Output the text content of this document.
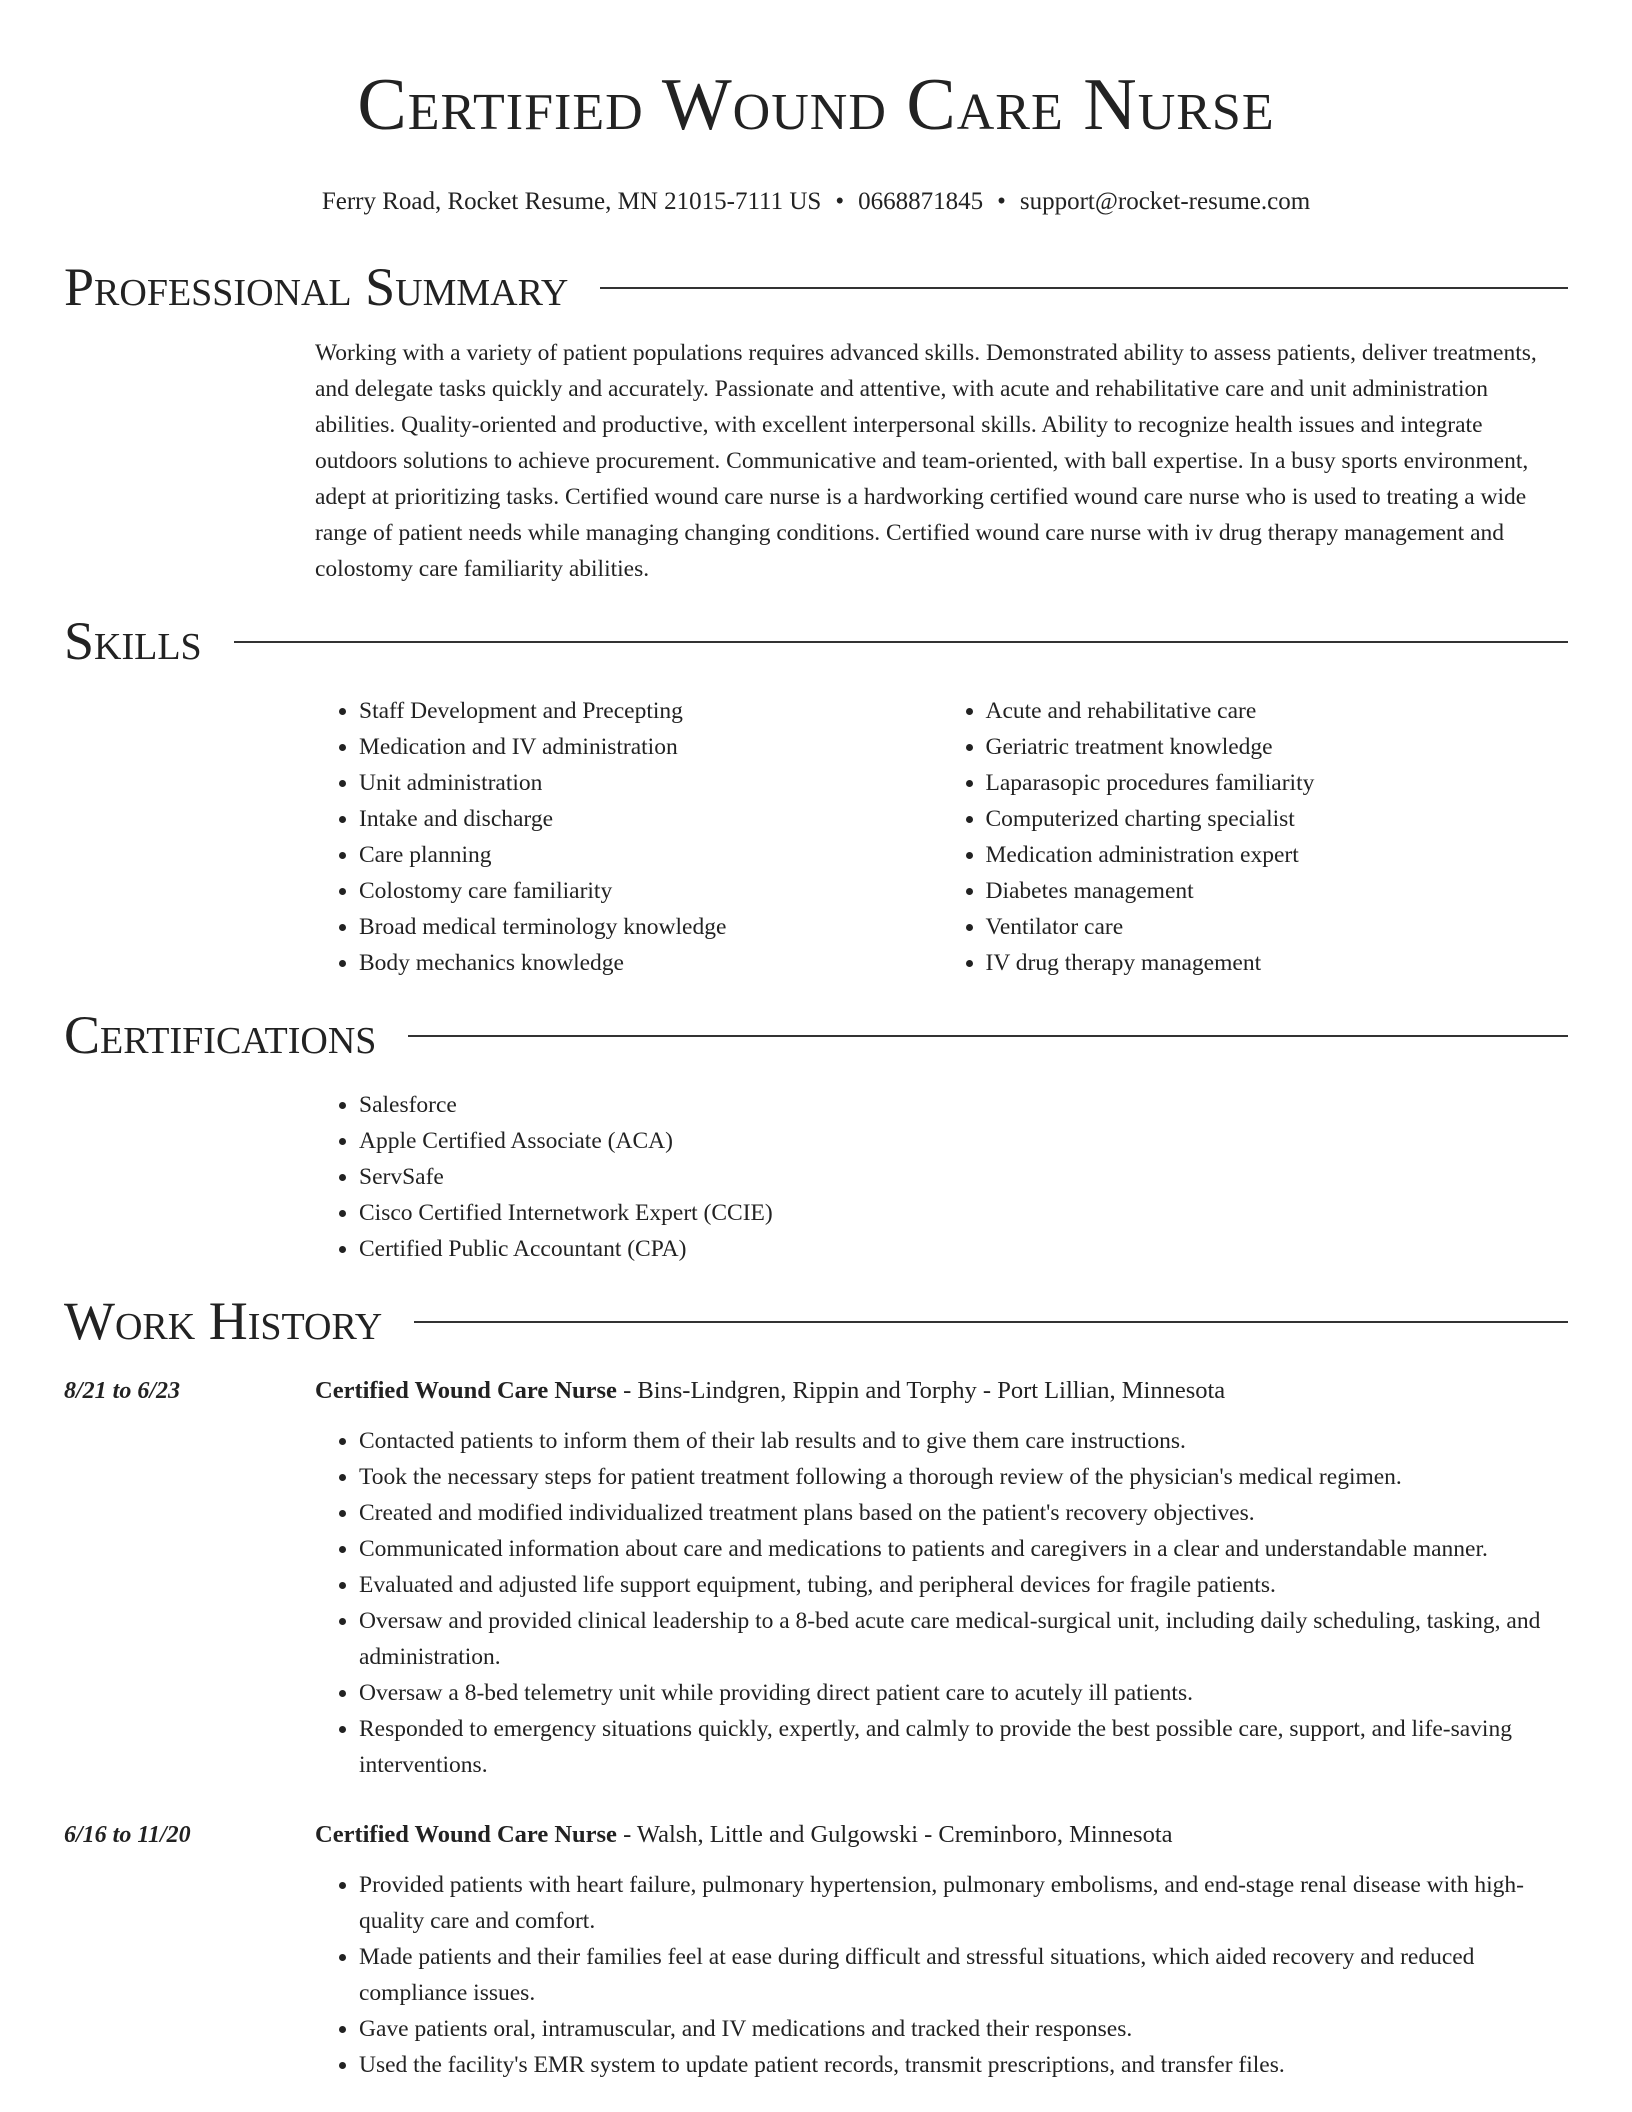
Certified Wound Care Nurse
Ferry Road, Rocket Resume, MN 21015-7111 US • 0668871845 • support@rocket-resume.com
Professional Summary

Working with a variety of patient populations requires advanced skills. Demonstrated ability to assess patients, deliver treatments, and delegate tasks quickly and accurately. Passionate and attentive, with acute and rehabilitative care and unit administration abilities. Quality-oriented and productive, with excellent interpersonal skills. Ability to recognize health issues and integrate outdoors solutions to achieve procurement. Communicative and team-oriented, with ball expertise. In a busy sports environment, adept at prioritizing tasks. Certified wound care nurse is a hardworking certified wound care nurse who is used to treating a wide range of patient needs while managing changing conditions. Certified wound care nurse with iv drug therapy management and colostomy care familiarity abilities.

Skills
• Staff Development and Precepting
• Medication and IV administration
• Unit administration
• Intake and discharge
• Care planning
• Colostomy care familiarity
• Broad medical terminology knowledge
• Body mechanics knowledge
• Acute and rehabilitative care
• Geriatric treatment knowledge
• Laparasopic procedures familiarity
• Computerized charting specialist
• Medication administration expert
• Diabetes management
• Ventilator care
• IV drug therapy management
Certifications
• Salesforce
• Apple Certified Associate (ACA)
• ServSafe
• Cisco Certified Internetwork Expert (CCIE)
• Certified Public Accountant (CPA)
Work History
8/21 to 6/23	Certified Wound Care Nurse - Bins-Lindgren, Rippin and Torphy - Port Lillian, Minnesota
• Contacted patients to inform them of their lab results and to give them care instructions.
• Took the necessary steps for patient treatment following a thorough review of the physician's medical regimen.
• Created and modified individualized treatment plans based on the patient's recovery objectives.
• Communicated information about care and medications to patients and caregivers in a clear and understandable manner.
• Evaluated and adjusted life support equipment, tubing, and peripheral devices for fragile patients.
• Oversaw and provided clinical leadership to a 8-bed acute care medical-surgical unit, including daily scheduling, tasking, and administration.
• Oversaw a 8-bed telemetry unit while providing direct patient care to acutely ill patients.
• Responded to emergency situations quickly, expertly, and calmly to provide the best possible care, support, and life-saving interventions.
6/16 to 11/20	Certified Wound Care Nurse - Walsh, Little and Gulgowski - Creminboro, Minnesota
• Provided patients with heart failure, pulmonary hypertension, pulmonary embolisms, and end-stage renal disease with high-quality care and comfort.
• Made patients and their families feel at ease during difficult and stressful situations, which aided recovery and reduced compliance issues.
• Gave patients oral, intramuscular, and IV medications and tracked their responses.
• Used the facility's EMR system to update patient records, transmit prescriptions, and transfer files.
